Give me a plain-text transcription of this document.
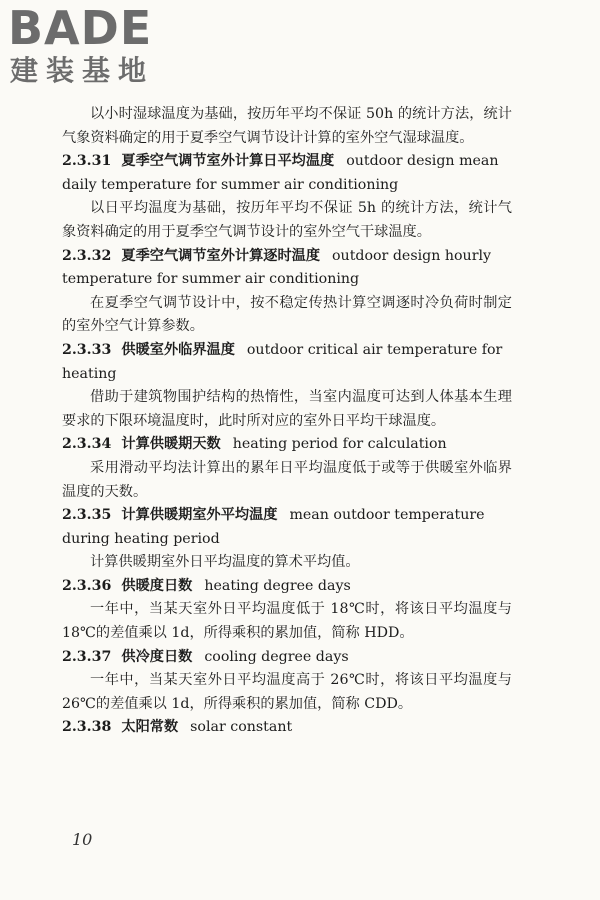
BADE
建装基地

以小时湿球温度为基础，按历年平均不保证 50h 的统计方法，统计气象资料确定的用于夏季空气调节设计计算的室外空气湿球温度。

2.3.31 夏季空气调节室外计算日平均温度 outdoor design mean daily temperature for summer air conditioning

以日平均温度为基础，按历年平均不保证 5h 的统计方法，统计气象资料确定的用于夏季空气调节设计的室外空气干球温度。

2.3.32 夏季空气调节室外计算逐时温度 outdoor design hourly temperature for summer air conditioning

在夏季空气调节设计中，按不稳定传热计算空调逐时冷负荷时制定的室外空气计算参数。

2.3.33 供暖室外临界温度 outdoor critical air temperature for heating

借助于建筑物围护结构的热惰性，当室内温度可达到人体基本生理要求的下限环境温度时，此时所对应的室外日平均干球温度。

2.3.34 计算供暖期天数 heating period for calculation

采用滑动平均法计算出的累年日平均温度低于或等于供暖室外临界温度的天数。

2.3.35 计算供暖期室外平均温度 mean outdoor temperature during heating period

计算供暖期室外日平均温度的算术平均值。

2.3.36 供暖度日数 heating degree days

一年中，当某天室外日平均温度低于 18℃时，将该日平均温度与 18℃的差值乘以 1d，所得乘积的累加值，简称 HDD。

2.3.37 供冷度日数 cooling degree days

一年中，当某天室外日平均温度高于 26℃时，将该日平均温度与 26℃的差值乘以 1d，所得乘积的累加值，简称 CDD。

2.3.38 太阳常数 solar constant

10
